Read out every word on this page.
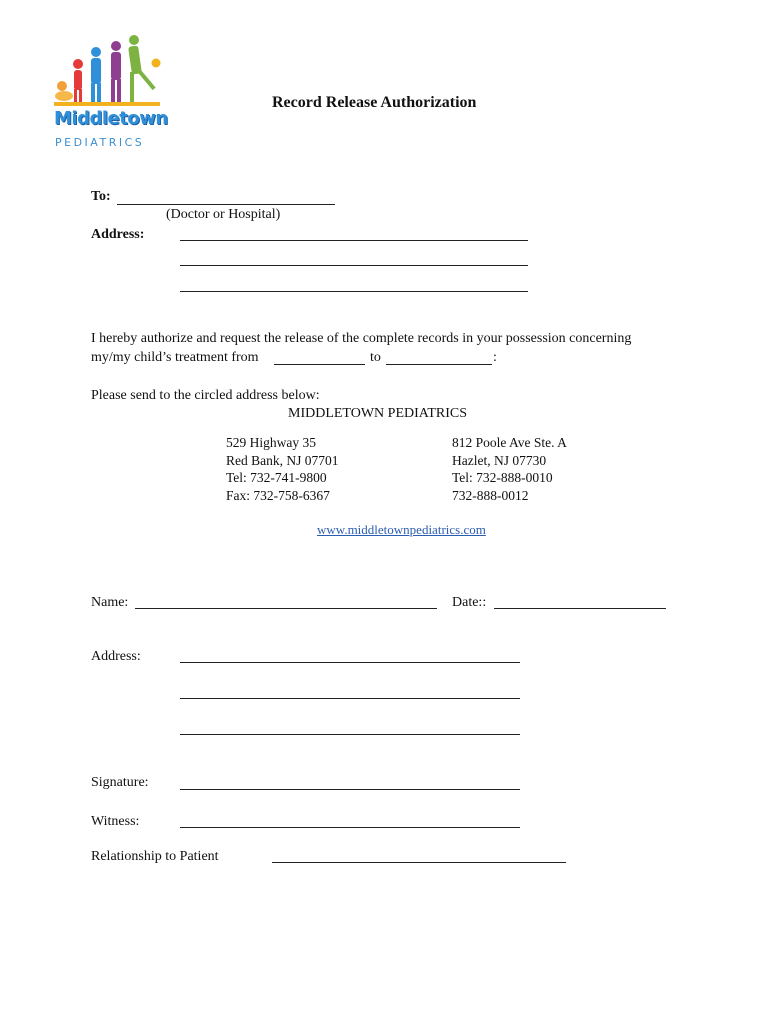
Middletown
PEDIATRICS
Record Release Authorization
To:
(Doctor or Hospital)
Address:
I hereby authorize and request the release of the complete records in your possession concerning
my/my child’s treatment from	to	:
Please send to the circled address below:
MIDDLETOWN PEDIATRICS
529 Highway 35
Red Bank, NJ 07701
Tel: 732-741-9800
Fax: 732-758-6367
812 Poole Ave Ste. A
Hazlet, NJ 07730
Tel: 732-888-0010
732-888-0012
www.middletownpediatrics.com
Name:	Date::
Address:
Signature:
Witness:
Relationship to Patient
